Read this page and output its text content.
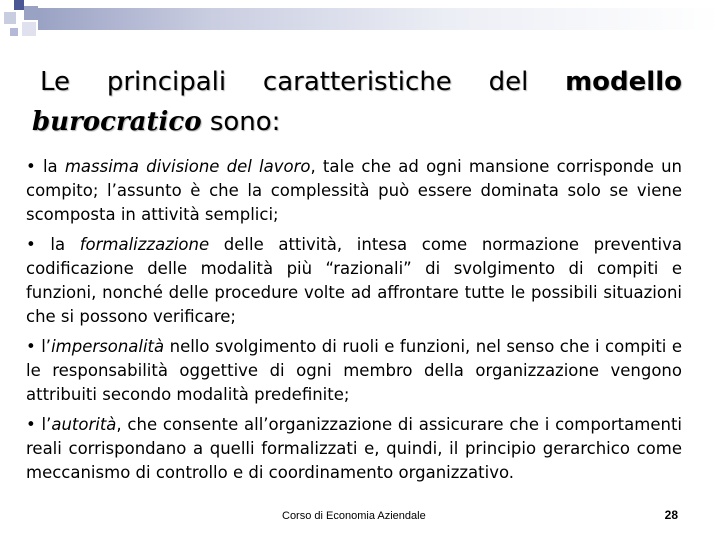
Le principali caratteristiche del modello
burocratico sono:

• la massima divisione del lavoro, tale che ad ogni mansione corrisponde un compito; l’assunto è che la complessità può essere dominata solo se viene scomposta in attività semplici;

• la formalizzazione delle attività, intesa come normazione preventiva codificazione delle modalità più “razionali” di svolgimento di compiti e funzioni, nonché delle procedure volte ad affrontare tutte le possibili situazioni che si possono verificare;

• l’impersonalità nello svolgimento di ruoli e funzioni, nel senso che i compiti e le responsabilità oggettive di ogni membro della organizzazione vengono attribuiti secondo modalità predefinite;

• l’autorità, che consente all’organizzazione di assicurare che i comportamenti reali corrispondano a quelli formalizzati e, quindi, il principio gerarchico come meccanismo di controllo e di coordinamento organizzativo.

Corso di Economia Aziendale	28
